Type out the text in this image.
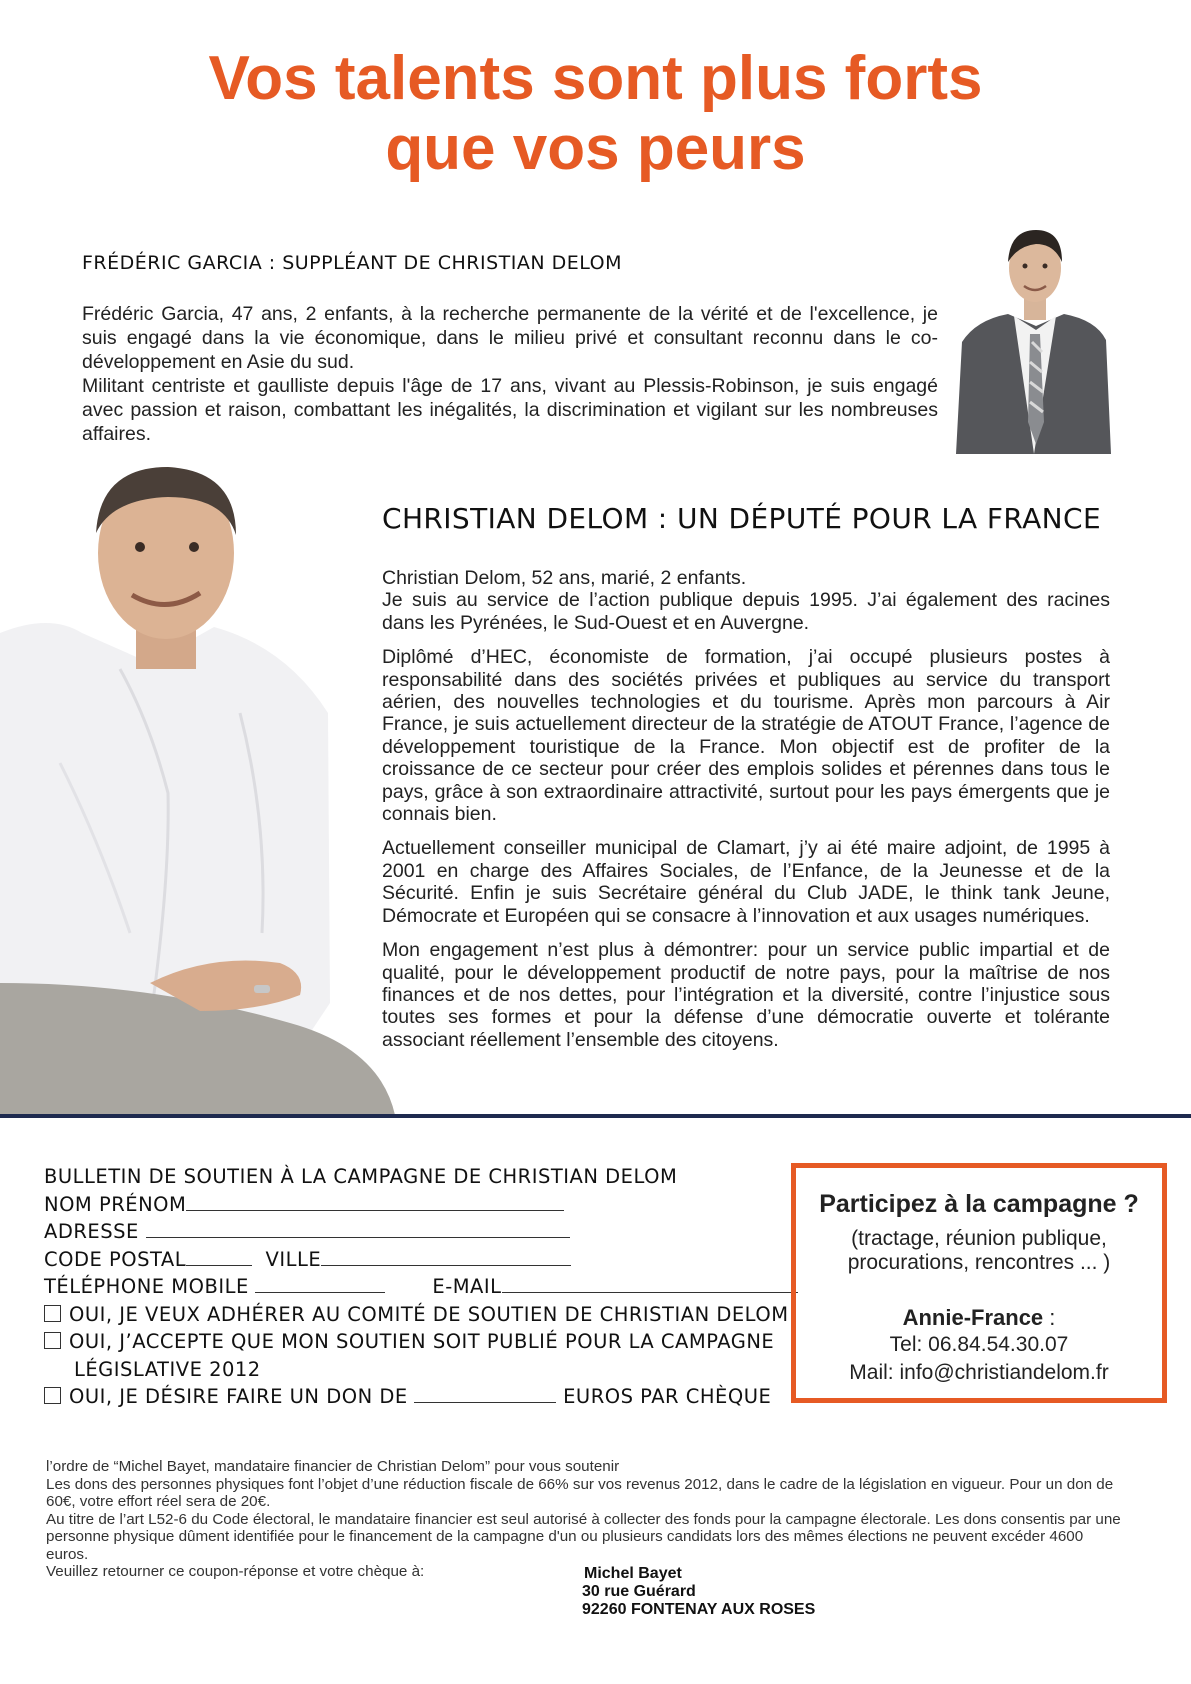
Vos talents sont plus forts
que vos peurs
FRÉDÉRIC GARCIA : SUPPLÉANT DE CHRISTIAN DELOM

Frédéric Garcia, 47 ans, 2 enfants, à la recherche permanente de la vérité et de l'excellence, je suis engagé dans la vie économique, dans le milieu privé et consultant reconnu dans le co-développement en Asie du sud.

Militant centriste et gaulliste depuis l'âge de 17 ans, vivant au Plessis-Robinson, je suis engagé avec passion et raison, combattant les inégalités, la discrimination et vigilant sur les nombreuses affaires.

CHRISTIAN DELOM : UN DÉPUTÉ POUR LA FRANCE

Christian Delom, 52 ans, marié, 2 enfants.
Je suis au service de l’action publique depuis 1995. J’ai également des racines dans les Pyrénées, le Sud-Ouest et en Auvergne.

Diplômé d’HEC, économiste de formation, j’ai occupé plusieurs postes à responsabilité dans des sociétés privées et publiques au service du transport aérien, des nouvelles technologies et du tourisme. Après mon parcours à Air France, je suis actuellement directeur de la stratégie de ATOUT France, l’agence de développement touristique de la France. Mon objectif est de profiter de la croissance de ce secteur pour créer des emplois solides et pérennes dans tous le pays, grâce à son extraordinaire attractivité, surtout pour les pays émergents que je connais bien.

Actuellement conseiller municipal de Clamart, j’y ai été maire adjoint, de 1995 à 2001 en charge des Affaires Sociales, de l’Enfance, de la Jeunesse et de la Sécurité. Enfin je suis Secrétaire général du Club JADE, le think tank Jeune, Démocrate et Européen qui se consacre à l’innovation et aux usages numériques.

Mon engagement n’est plus à démontrer: pour un service public impartial et de qualité, pour le développement productif de notre pays, pour la maîtrise de nos finances et de nos dettes, pour l’intégration et la diversité, contre l’injustice sous toutes ses formes et pour la défense d’une démocratie ouverte et tolérante associant réellement l’ensemble des citoyens.

BULLETIN DE SOUTIEN À LA CAMPAGNE DE CHRISTIAN DELOM
NOM PRÉNOM
ADRESSE
CODE POSTAL	VILLE
TÉLÉPHONE MOBILE	E-MAIL
OUI, JE VEUX ADHÉRER AU COMITÉ DE SOUTIEN DE CHRISTIAN DELOM
OUI, J’ACCEPTE QUE MON SOUTIEN SOIT PUBLIÉ POUR LA CAMPAGNE
LÉGISLATIVE 2012
OUI, JE DÉSIRE FAIRE UN DON DE	EUROS PAR CHÈQUE
Participez à la campagne ?
(tractage, réunion publique,
procurations, rencontres ... )
Annie-France :
Tel: 06.84.54.30.07
Mail: info@christiandelom.fr

l’ordre de “Michel Bayet, mandataire financier de Christian Delom” pour vous soutenir

Les dons des personnes physiques font l’objet d’une réduction fiscale de 66% sur vos revenus 2012, dans le cadre de la législation en vigueur. Pour un don de 60€, votre effort réel sera de 20€.

Au titre de l’art L52-6 du Code électoral, le mandataire financier est seul autorisé à collecter des fonds pour la campagne électorale. Les dons consentis par une personne physique dûment identifiée pour le financement de la campagne d'un ou plusieurs candidats lors des mêmes élections ne peuvent excéder 4600 euros.

Veuillez retourner ce coupon-réponse et votre chèque à:	Michel Bayet
30 rue Guérard
92260 FONTENAY AUX ROSES
